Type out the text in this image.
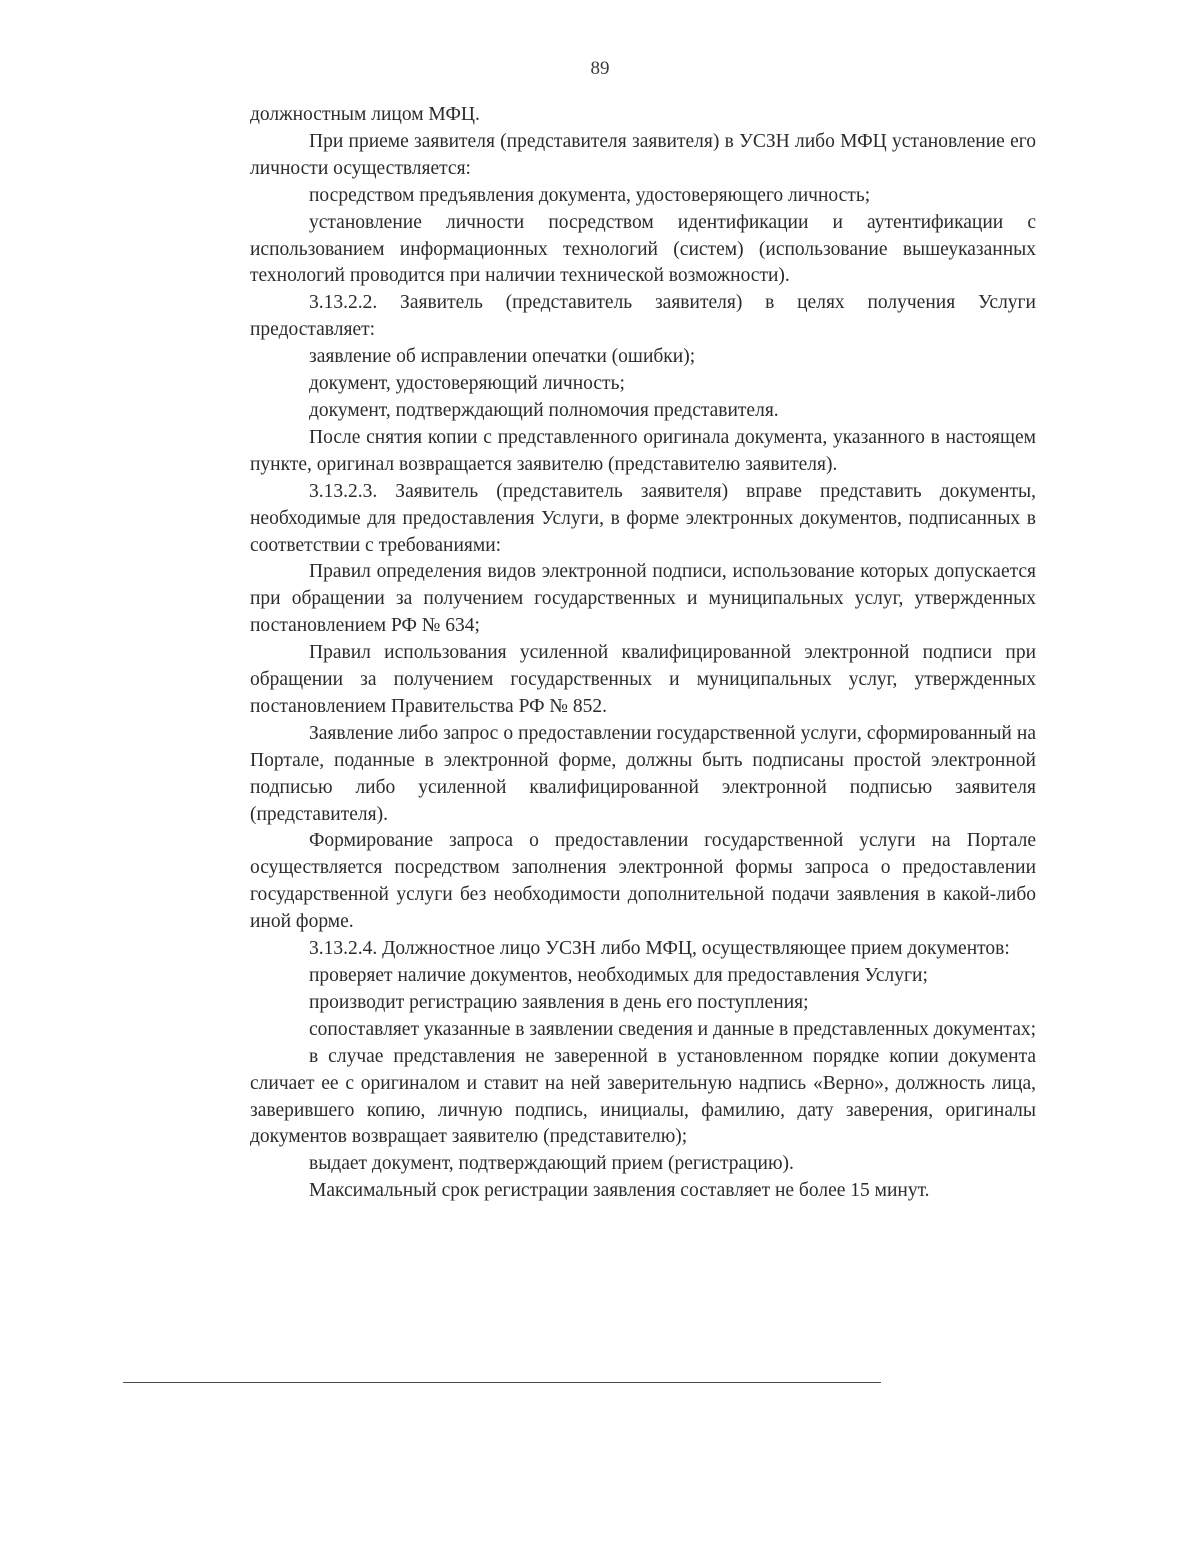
89

должностным лицом МФЦ.

При приеме заявителя (представителя заявителя) в УСЗН либо МФЦ установление его личности осуществляется:

посредством предъявления документа, удостоверяющего личность;

установление личности посредством идентификации и аутентификации с использованием информационных технологий (систем) (использование вышеуказанных технологий проводится при наличии технической возможности).

3.13.2.2. Заявитель (представитель заявителя) в целях получения Услуги предоставляет:

заявление об исправлении опечатки (ошибки);

документ, удостоверяющий личность;

документ, подтверждающий полномочия представителя.

После снятия копии с представленного оригинала документа, указанного в настоящем пункте, оригинал возвращается заявителю (представителю заявителя).

3.13.2.3. Заявитель (представитель заявителя) вправе представить документы, необходимые для предоставления Услуги, в форме электронных документов, подписанных в соответствии с требованиями:

Правил определения видов электронной подписи, использование которых допускается при обращении за получением государственных и муниципальных услуг, утвержденных постановлением РФ № 634;

Правил использования усиленной квалифицированной электронной подписи при обращении за получением государственных и муниципальных услуг, утвержденных постановлением Правительства РФ № 852.

Заявление либо запрос о предоставлении государственной услуги, сформированный на Портале, поданные в электронной форме, должны быть подписаны простой электронной подписью либо усиленной квалифицированной электронной подписью заявителя (представителя).

Формирование запроса о предоставлении государственной услуги на Портале осуществляется посредством заполнения электронной формы запроса о предоставлении государственной услуги без необходимости дополнительной подачи заявления в какой-либо иной форме.

3.13.2.4. Должностное лицо УСЗН либо МФЦ, осуществляющее прием документов:

проверяет наличие документов, необходимых для предоставления Услуги;

производит регистрацию заявления в день его поступления;

сопоставляет указанные в заявлении сведения и данные в представленных документах;

в случае представления не заверенной в установленном порядке копии документа сличает ее с оригиналом и ставит на ней заверительную надпись «Верно», должность лица, заверившего копию, личную подпись, инициалы, фамилию, дату заверения, оригиналы документов возвращает заявителю (представителю);

выдает документ, подтверждающий прием (регистрацию).

Максимальный срок регистрации заявления составляет не более 15 минут.
